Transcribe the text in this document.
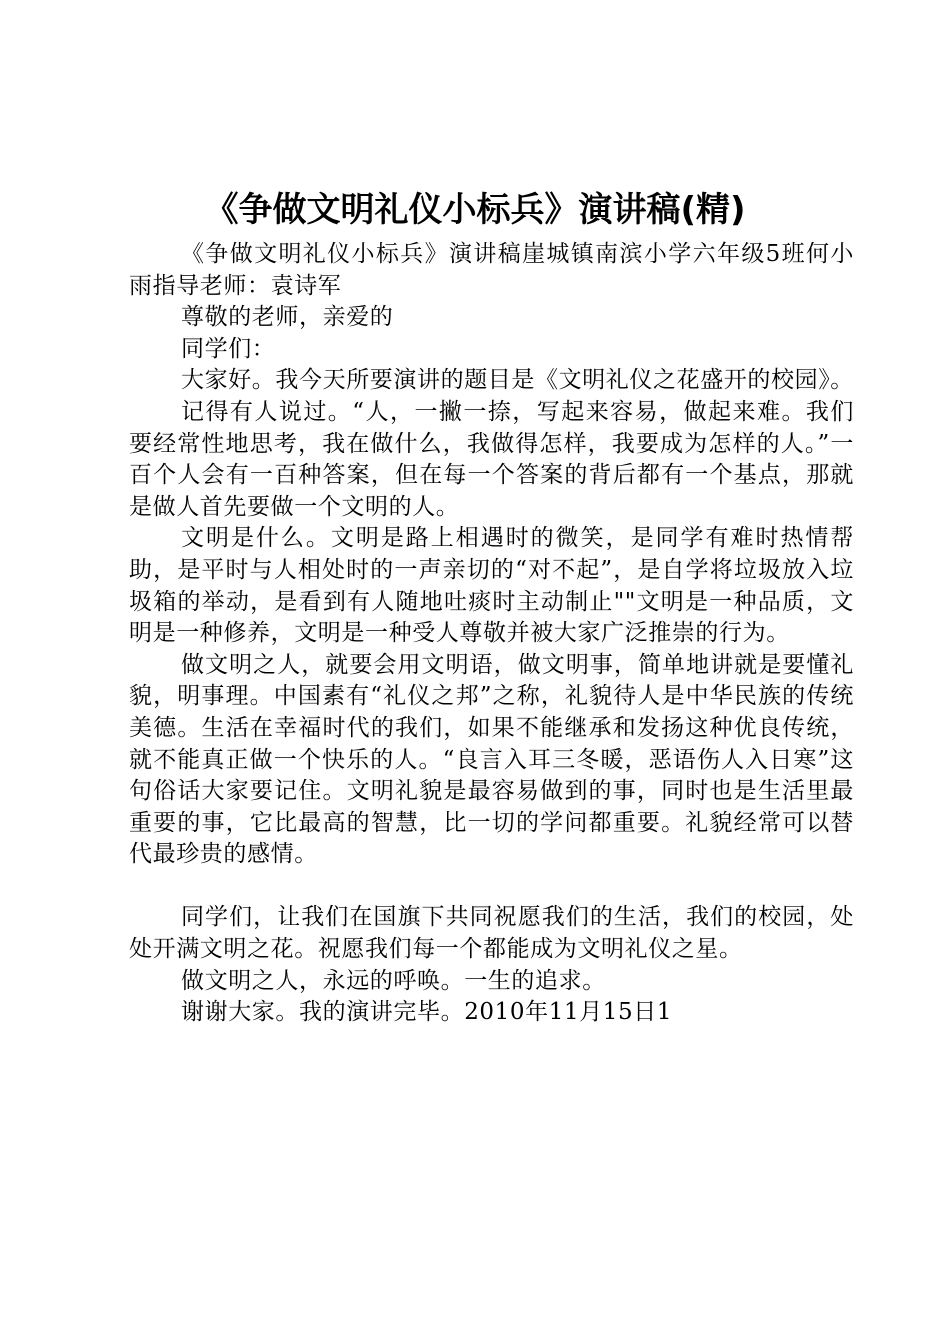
《争做文明礼仪小标兵》演讲稿(精)

《争做文明礼仪小标兵》演讲稿崖城镇南滨小学六年级5班何小雨指导老师：袁诗军

尊敬的老师，亲爱的

同学们：

大家好。我今天所要演讲的题目是《文明礼仪之花盛开的校园》。

记得有人说过。“人，一撇一捺，写起来容易，做起来难。我们要经常性地思考，我在做什么，我做得怎样，我要成为怎样的人。”一百个人会有一百种答案，但在每一个答案的背后都有一个基点，那就是做人首先要做一个文明的人。

文明是什么。文明是路上相遇时的微笑，是同学有难时热情帮助，是平时与人相处时的一声亲切的“对不起”，是自学将垃圾放入垃圾箱的举动，是看到有人随地吐痰时主动制止""文明是一种品质，文明是一种修养，文明是一种受人尊敬并被大家广泛推崇的行为。

做文明之人，就要会用文明语，做文明事，简单地讲就是要懂礼貌，明事理。中国素有“礼仪之邦”之称，礼貌待人是中华民族的传统美德。生活在幸福时代的我们，如果不能继承和发扬这种优良传统，就不能真正做一个快乐的人。“良言入耳三冬暖，恶语伤人入日寒”这句俗话大家要记住。文明礼貌是最容易做到的事，同时也是生活里最重要的事，它比最高的智慧，比一切的学问都重要。礼貌经常可以替代最珍贵的感情。

同学们，让我们在国旗下共同祝愿我们的生活，我们的校园，处处开满文明之花。祝愿我们每一个都能成为文明礼仪之星。

做文明之人，永远的呼唤。一生的追求。

谢谢大家。我的演讲完毕。2010年11月15日1
